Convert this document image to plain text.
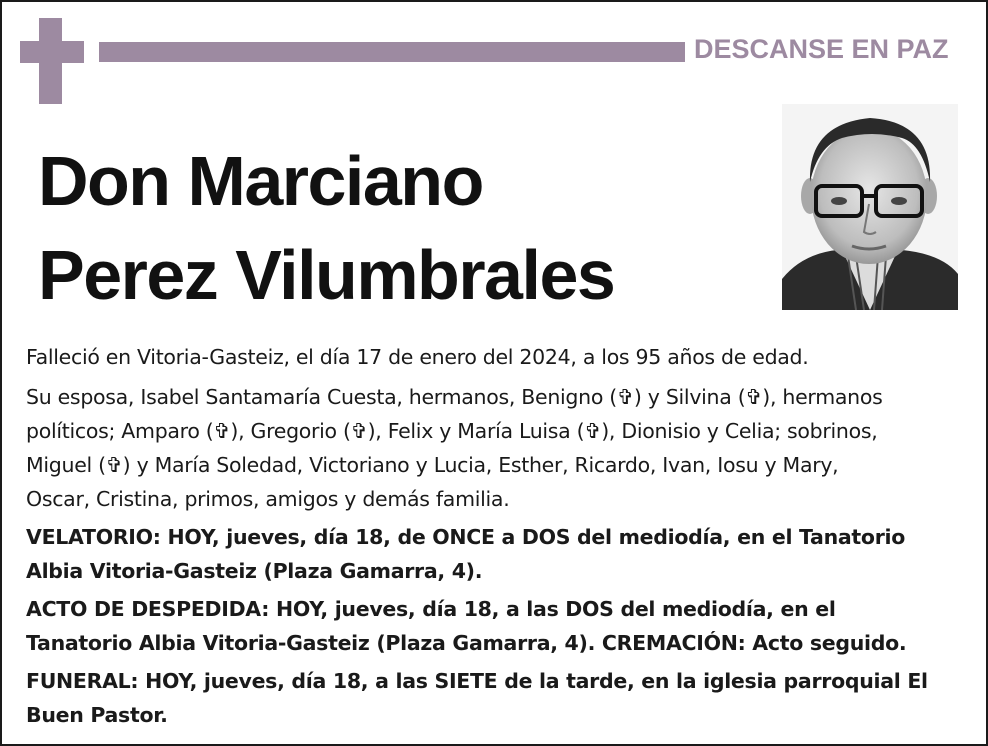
DESCANSE EN PAZ
Don Marciano
Perez Vilumbrales

Falleció en Vitoria-Gasteiz, el día 17 de enero del 2024, a los 95 años de edad.

Su esposa, Isabel Santamaría Cuesta, hermanos, Benigno (✞) y Silvina (✞), hermanos
políticos; Amparo (✞), Gregorio (✞), Felix y María Luisa (✞), Dionisio y Celia; sobrinos,
Miguel (✞) y María Soledad, Victoriano y Lucia, Esther, Ricardo, Ivan, Iosu y Mary,
Oscar, Cristina, primos, amigos y demás familia.

VELATORIO: HOY, jueves, día 18, de ONCE a DOS del mediodía, en el Tanatorio
Albia Vitoria-Gasteiz (Plaza Gamarra, 4).

ACTO DE DESPEDIDA: HOY, jueves, día 18, a las DOS del mediodía, en el
Tanatorio Albia Vitoria-Gasteiz (Plaza Gamarra, 4). CREMACIÓN: Acto seguido.

FUNERAL: HOY, jueves, día 18, a las SIETE de la tarde, en la iglesia parroquial El
Buen Pastor.
